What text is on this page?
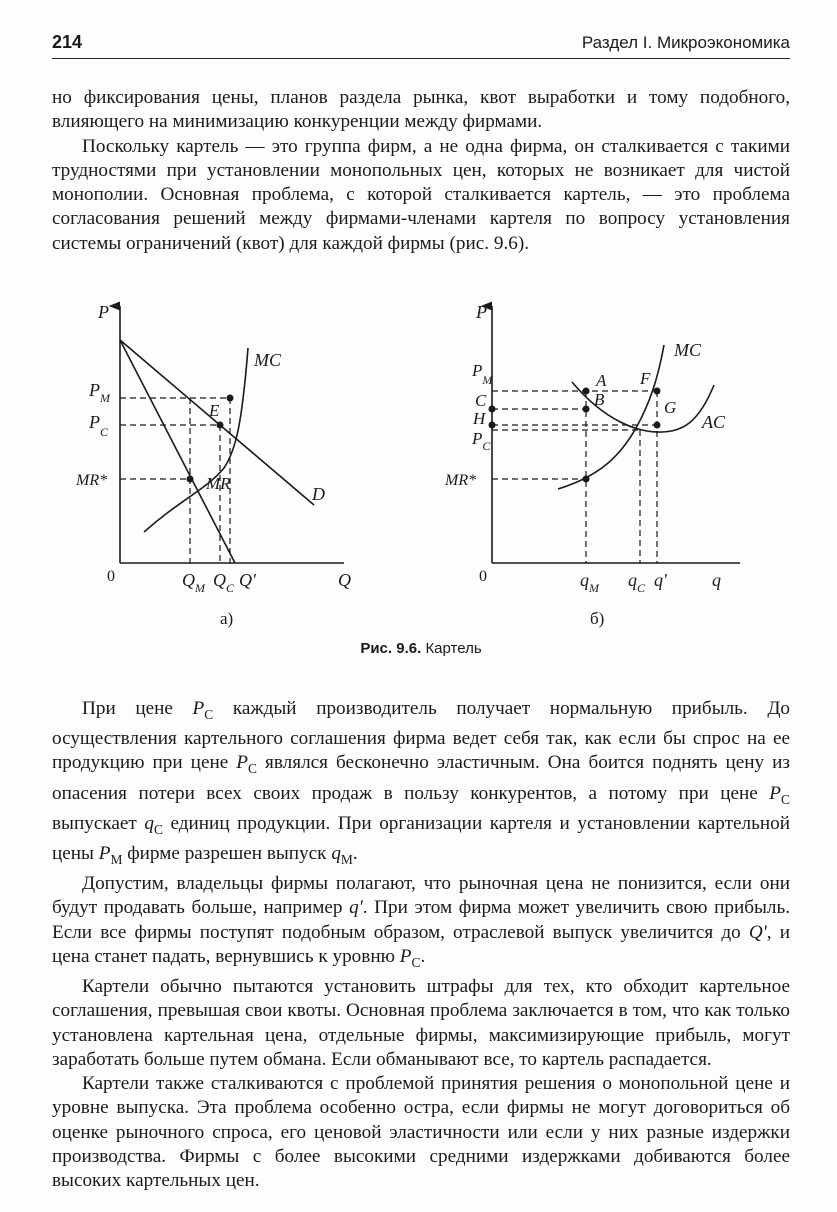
214	Раздел I. Микроэкономика

но фиксирования цены, планов раздела рынка, квот выработки и тому подобного, влияющего на минимизацию конкуренции между фирмами.

Поскольку картель — это группа фирм, а не одна фирма, он сталкивается с такими трудностями при установлении монопольных цен, которых не возникает для чистой монополии. Основная проблема, с которой сталкивается картель, — это проблема согласования решений между фирмами-членами картеля по вопросу установления системы ограничений (квот) для каждой фирмы (рис. 9.6).

P
Q
0
MC
D
MR
E
$P_M$
$P_C$
MR*
$Q_M$ $Q_C$ Q'
а)
P
q
0
MC
AC
A
B
F
G
$P_M$
C
H
$P_C$
MR*
$q_M$ $q_C$ q'
б)
Рис. 9.6. Картель

При цене $P_C$ каждый производитель получает нормальную прибыль. До осуществления картельного соглашения фирма ведет себя так, как если бы спрос на ее продукцию при цене $P_C$ являлся бесконечно эластичным. Она боится поднять цену из опасения потери всех своих продаж в пользу конкурентов, а потому при цене $P_C$ выпускает $q_C$ единиц продукции. При организации картеля и установлении картельной цены $P_M$ фирме разрешен выпуск $q_M$.

Допустим, владельцы фирмы полагают, что рыночная цена не понизится, если они будут продавать больше, например q'. При этом фирма может увеличить свою прибыль. Если все фирмы поступят подобным образом, отраслевой выпуск увеличится до Q', и цена станет падать, вернувшись к уровню $P_C$.

Картели обычно пытаются установить штрафы для тех, кто обходит картельное соглашения, превышая свои квоты. Основная проблема заключается в том, что как только установлена картельная цена, отдельные фирмы, максимизирующие прибыль, могут заработать больше путем обмана. Если обманывают все, то картель распадается.

Картели также сталкиваются с проблемой принятия решения о монопольной цене и уровне выпуска. Эта проблема особенно остра, если фирмы не могут договориться об оценке рыночного спроса, его ценовой эластичности или если у них разные издержки производства. Фирмы с более высокими средними издержками добиваются более высоких картельных цен.
